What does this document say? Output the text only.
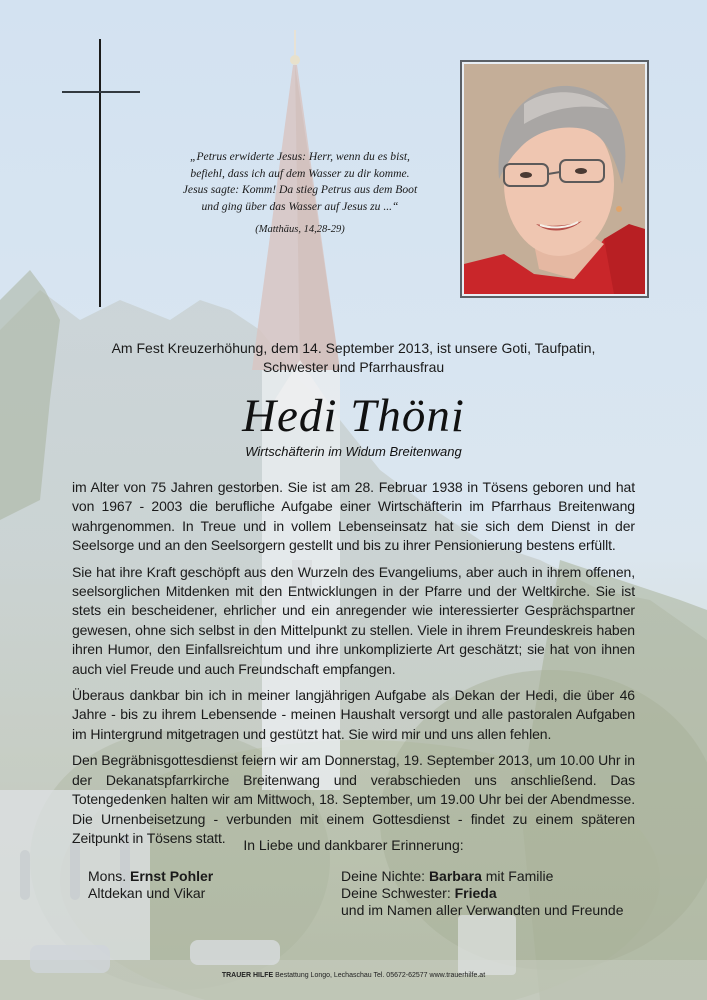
„Petrus erwiderte Jesus: Herr, wenn du es bist,
befiehl, dass ich auf dem Wasser zu dir komme.
Jesus sagte: Komm! Da stieg Petrus aus dem Boot
und ging über das Wasser auf Jesus zu ...“
(Matthäus, 14,28-29)
Am Fest Kreuzerhöhung, dem 14. September 2013, ist unsere Goti, Taufpatin,
Schwester und Pfarrhausfrau
Hedi Thöni
Wirtschäfterin im Widum Breitenwang

im Alter von 75 Jahren gestorben. Sie ist am 28. Februar 1938 in Tösens geboren und hat von 1967 - 2003 die berufliche Aufgabe einer Wirtschäfterin im Pfarrhaus Breitenwang wahrgenommen. In Treue und in vollem Lebenseinsatz hat sie sich dem Dienst in der Seelsorge und an den Seelsorgern gestellt und bis zu ihrer Pensionierung bestens erfüllt.

Sie hat ihre Kraft geschöpft aus den Wurzeln des Evangeliums, aber auch in ihrem offenen, seelsorglichen Mitdenken mit den Entwicklungen in der Pfarre und der Weltkirche. Sie ist stets ein bescheidener, ehrlicher und ein anregender wie interessierter Gesprächspartner gewesen, ohne sich selbst in den Mittelpunkt zu stellen. Viele in ihrem Freundeskreis haben ihren Humor, den Einfallsreichtum und ihre unkomplizierte Art geschätzt; sie hat von ihnen auch viel Freude und auch Freundschaft empfangen.

Überaus dankbar bin ich in meiner langjährigen Aufgabe als Dekan der Hedi, die über 46 Jahre - bis zu ihrem Lebensende - meinen Haushalt versorgt und alle pastoralen Aufgaben im Hintergrund mitgetragen und gestützt hat. Sie wird mir und uns allen fehlen.

Den Begräbnisgottesdienst feiern wir am Donnerstag, 19. September 2013, um 10.00 Uhr in der Dekanatspfarrkirche Breitenwang und verabschieden uns anschließend. Das Totengedenken halten wir am Mittwoch, 18. September, um 19.00 Uhr bei der Abendmesse. Die Urnenbeisetzung - verbunden mit einem Gottesdienst - findet zu einem späteren Zeitpunkt in Tösens statt.	In Liebe und dankbarer Erinnerung:
Mons. Ernst Pohler
Altdekan und Vikar
Deine Nichte: Barbara mit Familie
Deine Schwester: Frieda
und im Namen aller Verwandten und Freunde
TRAUER HILFE Bestattung Longo, Lechaschau Tel. 05672-62577 www.trauerhilfe.at
